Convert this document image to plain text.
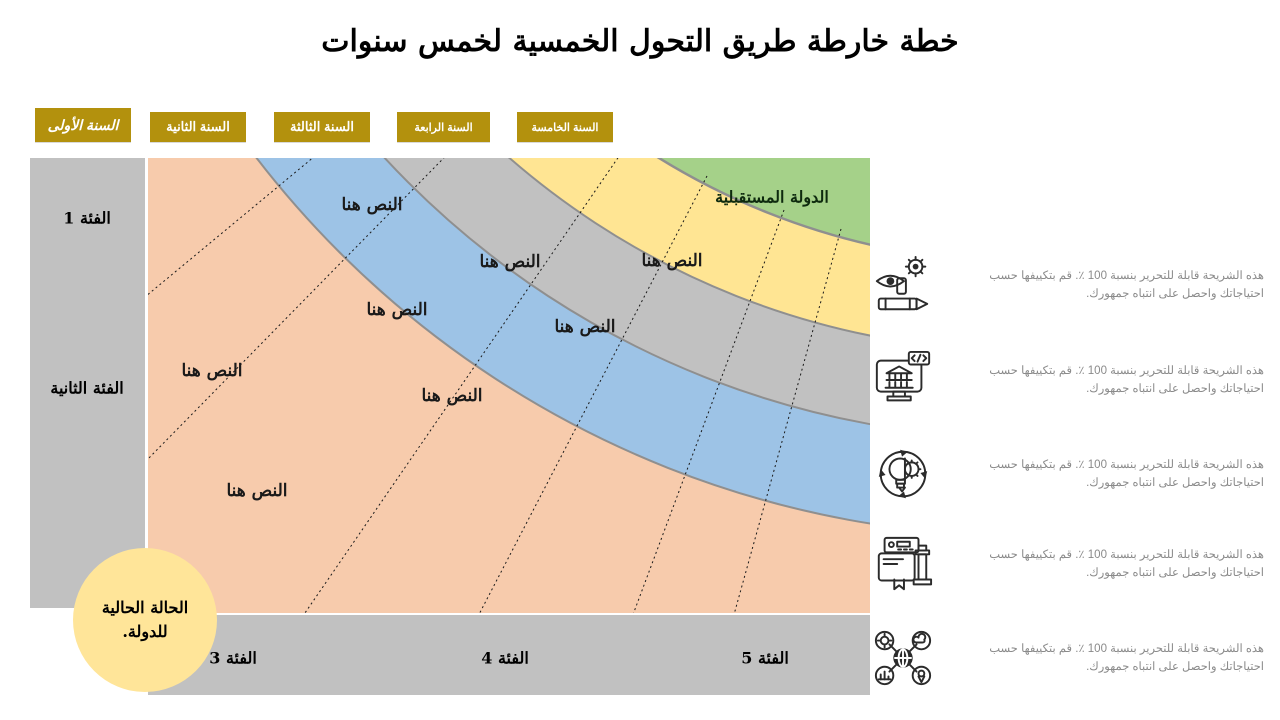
خطة خارطة طريق التحول الخمسية لخمس سنوات
السنة الأولى	السنة الثانية	السنة الثالثة	السنة الرابعة	السنة الخامسة
الفئة 1
الفئة الثانية
الفئة 3	الفئة 4	الفئة 5
الدولة المستقبلية
النص هنا
النص هنا	النص هنا
النص هنا
النص هنا
النص هنا
النص هنا
النص هنا
الحالة الحالية للدولة.
هذه الشريحة قابلة للتحرير بنسبة 100 ٪. قم بتكييفها حسب احتياجاتك واحصل على انتباه جمهورك.
هذه الشريحة قابلة للتحرير بنسبة 100 ٪. قم بتكييفها حسب احتياجاتك واحصل على انتباه جمهورك.
هذه الشريحة قابلة للتحرير بنسبة 100 ٪. قم بتكييفها حسب احتياجاتك واحصل على انتباه جمهورك.
هذه الشريحة قابلة للتحرير بنسبة 100 ٪. قم بتكييفها حسب احتياجاتك واحصل على انتباه جمهورك.
هذه الشريحة قابلة للتحرير بنسبة 100 ٪. قم بتكييفها حسب احتياجاتك واحصل على انتباه جمهورك.
